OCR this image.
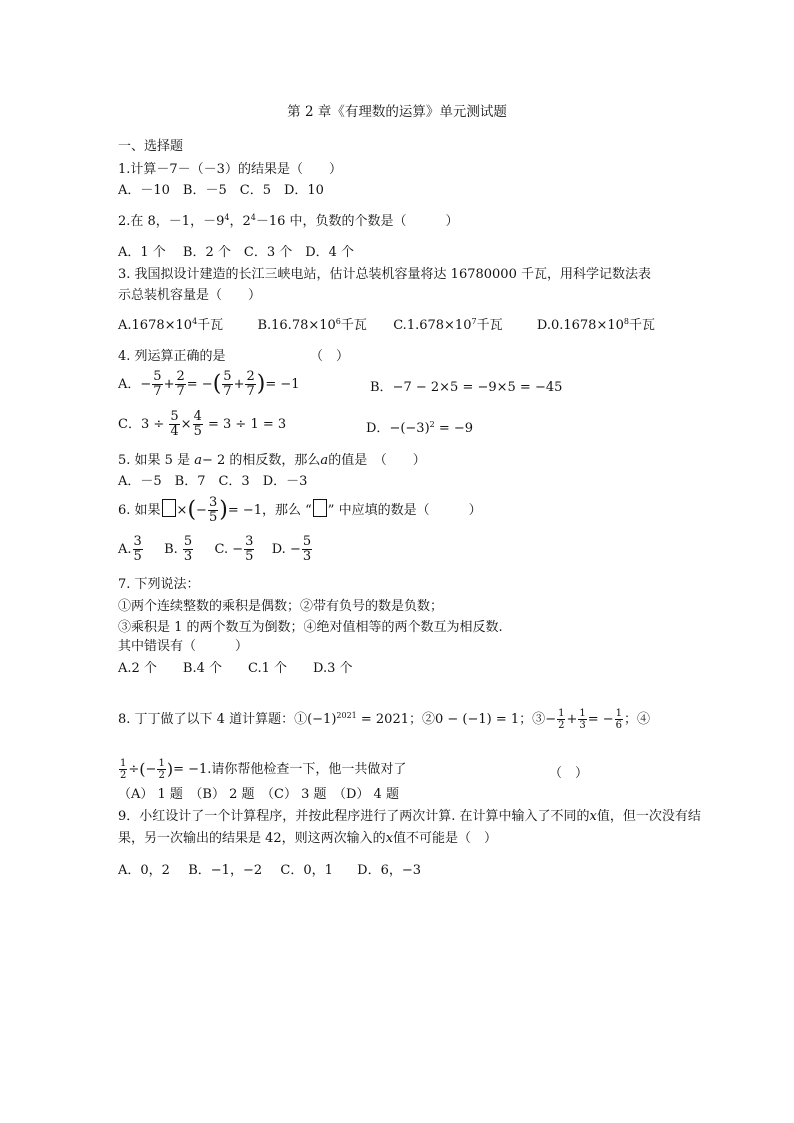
第 2 章《有理数的运算》单元测试题
一、选择题
1.计算－7－（－3）的结果是（　　）
A．－10　B．－5　C．5　D．10
2.在 8，－1，$-9^4$，$2^4-16$ 中，负数的个数是（　　　）
A．1 个　 B．2 个　C．3 个　D．4 个
3. 我国拟设计建造的长江三峡电站，估计总装机容量将达 16780000 千瓦，用科学记数法表
示总装机容量是（　　）
$A.1678\times 10^4$千瓦	$B.16.78\times 10^6$千瓦 $C.1.678\times 10^7$千瓦	$D.0.1678\times 10^8$千瓦
4. 列运算正确的是　　　　　　　（　）
A．− $\frac{5}{7} + \frac{2}{7}$ = −( $\frac{5}{7} + \frac{2}{7}$ )= −1	B．−7 − 2×5 = −9×5 = −45
C．$3 \div \frac{5}{4} \times \frac{4}{5} = 3 \div 1 = 3$	D．$-(-3)^2 = -9$
5. 如果 5 是 a− 2 的相反数，那么a的值是　（　　）
A．－5　B．7　C．3　D．－3
6. 如果 ×(− $\frac{3}{5}$ )= −1，那么 “ ” 中应填的数是（　　　）
A. $\frac{3}{5} B$. $\frac{5}{3} C$. − $\frac{3}{5} D$. − $\frac{5}{3}$
7. 下列说法：
①两个连续整数的乘积是偶数；②带有负号的数是负数；
③乘积是 1 的两个数互为倒数；④绝对值相等的两个数互为相反数.
其中错误有（　　　）
A.2 个　　B.4 个　　C.1 个　　D.3 个
8. 丁丁做了以下 4 道计算题：$①(-1)^{2021} = 2021$；②0 − (−1) = 1；③− $\frac{1}{2} + \frac{1}{3}$ = − $\frac{1}{6}$ ；④
$\frac{1}{2}$ ÷(− $\frac{1}{2}$ )= −1.请你帮他检查一下，他一共做对了	（　）
（A） 1 题　（B） 2 题　（C） 3 题　（D） 4 题
9．小红设计了一个计算程序，并按此程序进行了两次计算. 在计算中输入了不同的x值，但一次没有结
果，另一次输出的结果是 42，则这两次输入的x值不可能是（　）
A．0，2 B．−1，−2 C．0，1 D．6，−3
